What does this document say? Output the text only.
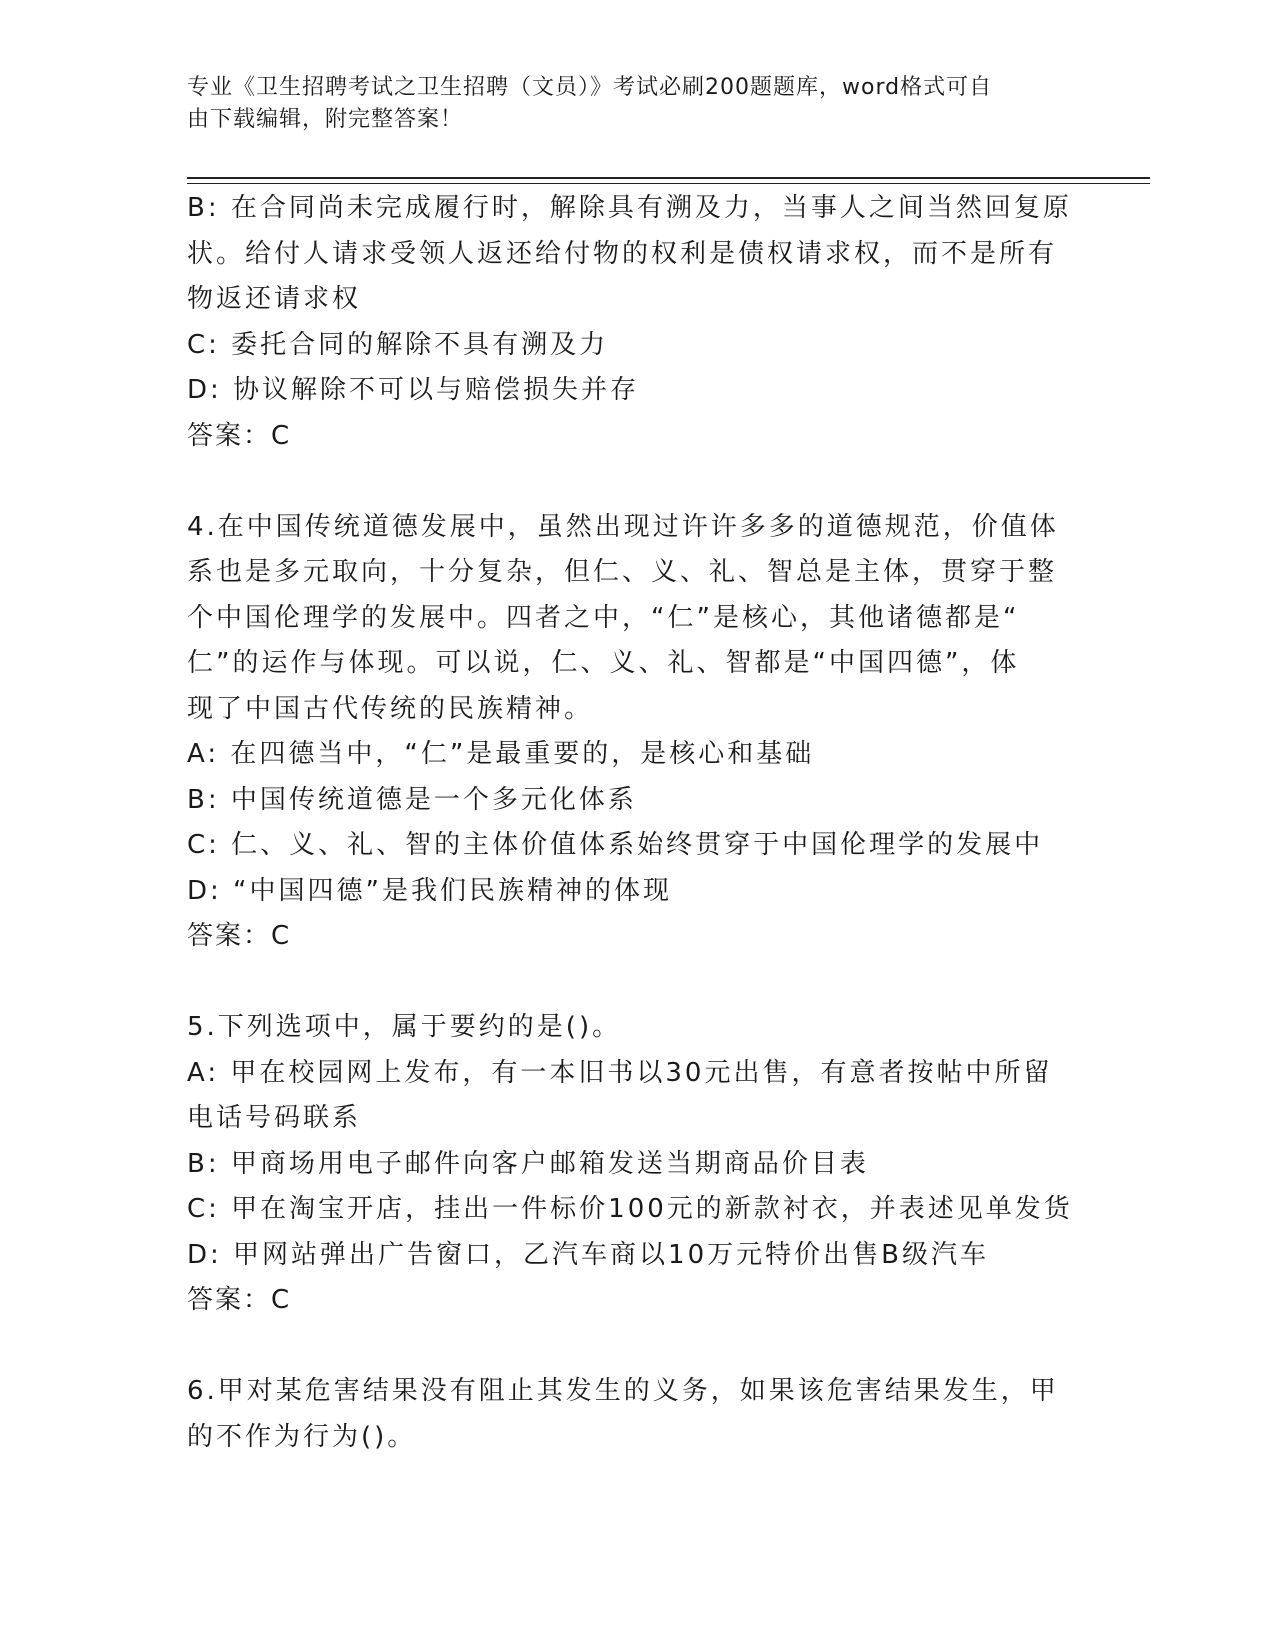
专业《卫生招聘考试之卫生招聘（文员）》考试必刷200题题库，word格式可自
由下载编辑，附完整答案！
B: 在合同尚未完成履行时，解除具有溯及力，当事人之间当然回复原
状。给付人请求受领人返还给付物的权利是债权请求权，而不是所有
物返还请求权
C: 委托合同的解除不具有溯及力
D: 协议解除不可以与赔偿损失并存
答案：C
4.在中国传统道德发展中，虽然出现过许许多多的道德规范，价值体
系也是多元取向，十分复杂，但仁、义、礼、智总是主体，贯穿于整
个中国伦理学的发展中。四者之中，“仁”是核心，其他诸德都是“
仁”的运作与体现。可以说，仁、义、礼、智都是“中国四德”，体
现了中国古代传统的民族精神。
A: 在四德当中，“仁”是最重要的，是核心和基础
B: 中国传统道德是一个多元化体系
C: 仁、义、礼、智的主体价值体系始终贯穿于中国伦理学的发展中
D: “中国四德”是我们民族精神的体现
答案：C
5.下列选项中，属于要约的是()。
A: 甲在校园网上发布，有一本旧书以30元出售，有意者按帖中所留
电话号码联系
B: 甲商场用电子邮件向客户邮箱发送当期商品价目表
C: 甲在淘宝开店，挂出一件标价100元的新款衬衣，并表述见单发货
D: 甲网站弹出广告窗口，乙汽车商以10万元特价出售B级汽车
答案：C
6.甲对某危害结果没有阻止其发生的义务，如果该危害结果发生，甲
的不作为行为()。
